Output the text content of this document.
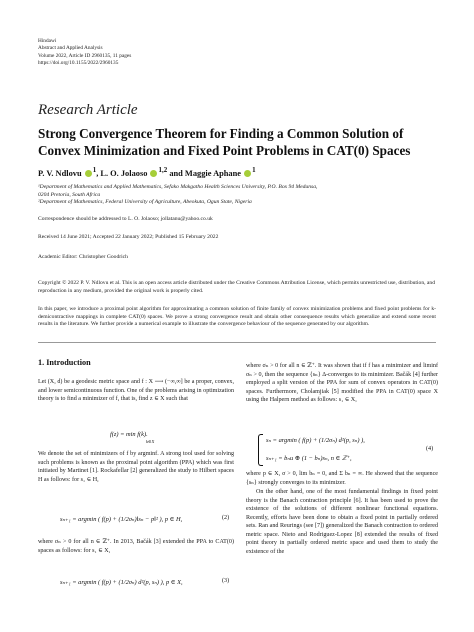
Hindawi
Abstract and Applied Analysis
Volume 2022, Article ID 2960135, 11 pages
https://doi.org/10.1155/2022/2960135
Research Article
Strong Convergence Theorem for Finding a Common Solution of
Convex Minimization and Fixed Point Problems in CAT(0) Spaces
P. V. Ndlovu $^1$, L. O. Jolaoso $^{1,2}$ and Maggie Aphane $^1$
¹Department of Mathematics and Applied Mathematics, Sefako Makgatho Health Sciences University, P.O. Box 94 Medunsa,
0204 Pretoria, South Africa
²Department of Mathematics, Federal University of Agriculture, Abeokuta, Ogun State, Nigeria
Correspondence should be addressed to L. O. Jolaoso; jollatanu@yahoo.co.uk
Received 14 June 2021; Accepted 22 January 2022; Published 15 February 2022
Academic Editor: Christopher Goodrich
Copyright © 2022 P. V. Ndlovu et al. This is an open access article distributed under the Creative Commons Attribution License, which permits unrestricted use, distribution, and reproduction in any medium, provided the original work is properly cited.
In this paper, we introduce a proximal point algorithm for approximating a common solution of finite family of convex minimization problems and fixed point problems for k-demicontractive mappings in complete CAT(0) spaces. We prove a strong convergence result and obtain other consequence results which generalize and extend some recent results in the literature. We further provide a numerical example to illustrate the convergence behaviour of the sequence generated by our algorithm.
1. Introduction
Let (X, d) be a geodesic metric space and f : X ⟶ (−∞,∞] be a proper, convex, and lower semicontinuous function. One of the problems arising in optimization theory is to find a minimizer of f, that is, find z ∈ X such that
f(z) = min f(k).
k∈X
We denote the set of minimizers of f by argminf. A strong tool used for solving such problems is known as the proximal point algorithm (PPA) which was first initiated by Martinet [1]. Rockafellar [2] generalized the study to Hilbert spaces H as follows: for s₁ ∈ H,
sₙ₊₁ = argmin ( f(p) + (1/2σₙ)‖sₙ − p‖² ), p ∈ H,	(2)
where σₙ > 0 for all n ∈ ℤ⁺. In 2013, Bačák [3] extended the PPA to CAT(0) spaces as follows: for s₁ ∈ X,
sₙ₊₁ = argmin ( f(p) + (1/2σₙ) d²(p, sₙ) ), p ∈ X,	(3)
where σₙ > 0 for all n ∈ ℤ⁺. It was shown that if f has a minimizer and liminf σₙ > 0, then the sequence {sₙ} Δ-converges to its minimizer. Bačák [4] further employed a split version of the PPA for sum of convex operators in CAT(0) spaces. Furthermore, Cholamjiak [5] modified the PPA in CAT(0) space X using the Halpern method as follows: s₁ ∈ X,
sₙ = argmin ( f(p) + (1/2σₙ) d²(p, sₙ) ),
sₙ₊₁ = bₙu ⊕ (1 − bₙ)sₙ, n ∈ ℤ⁺,
(4)
where p ∈ X, σ > 0, lim bₙ = 0, and Σ bₙ = ∞. He showed that the sequence {sₙ} strongly converges to its minimizer.
On the other hand, one of the most fundamental findings in fixed point theory is the Banach contraction principle [6]. It has been used to prove the existence of the solutions of different nonlinear functional equations. Recently, efforts have been done to obtain a fixed point in partially ordered sets. Ran and Reurings (see [7]) generalized the Banach contraction to ordered metric space. Nieto and Rodriguez-Lopez [8] extended the results of fixed point theory in partially ordered metric space and used them to study the existence of the
